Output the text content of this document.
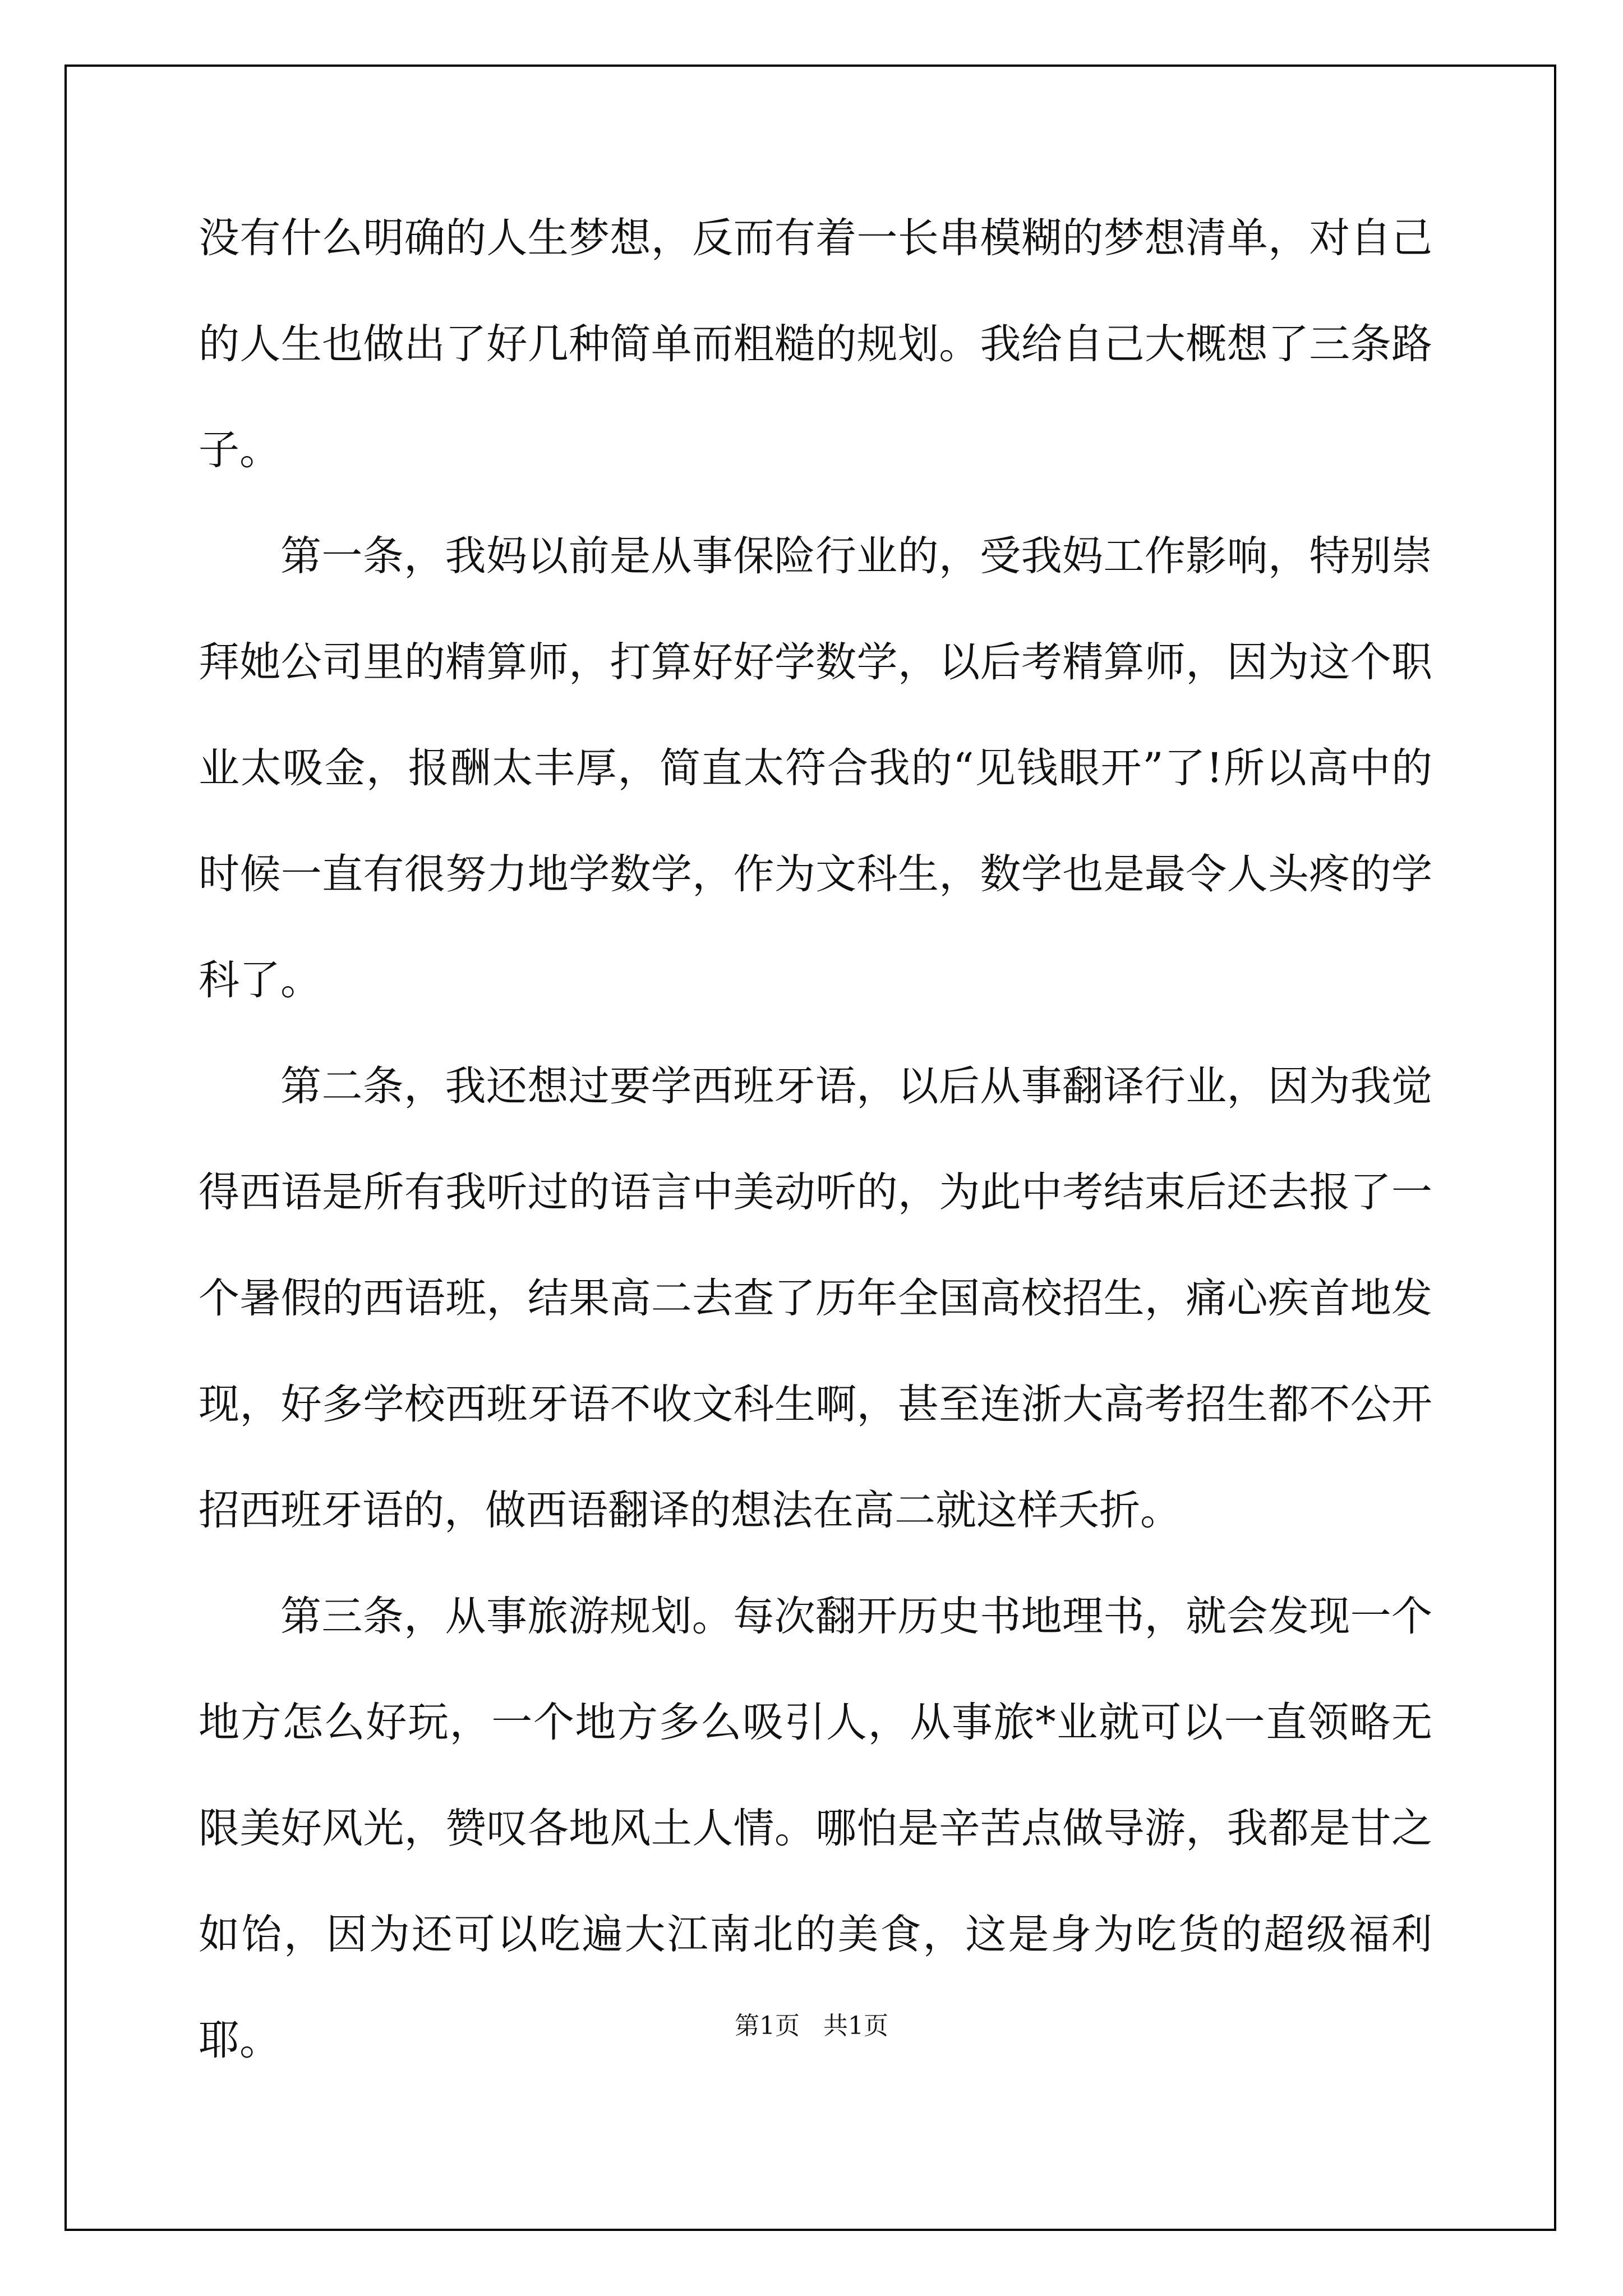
没有什么明确的人生梦想，反而有着一长串模糊的梦想清单，对自己的人生也做出了好几种简单而粗糙的规划。我给自己大概想了三条路子。

第一条，我妈以前是从事保险行业的，受我妈工作影响，特别崇拜她公司里的精算师，打算好好学数学，以后考精算师，因为这个职业太吸金，报酬太丰厚，简直太符合我的“见钱眼开”了!所以高中的时候一直有很努力地学数学，作为文科生，数学也是最令人头疼的学科了。

第二条，我还想过要学西班牙语，以后从事翻译行业，因为我觉得西语是所有我听过的语言中美动听的，为此中考结束后还去报了一个暑假的西语班，结果高二去查了历年全国高校招生，痛心疾首地发现，好多学校西班牙语不收文科生啊，甚至连浙大高考招生都不公开招西班牙语的，做西语翻译的想法在高二就这样夭折。

第三条，从事旅游规划。每次翻开历史书地理书，就会发现一个地方怎么好玩，一个地方多么吸引人，从事旅*业就可以一直领略无限美好风光，赞叹各地风土人情。哪怕是辛苦点做导游，我都是甘之如饴，因为还可以吃遍大江南北的美食，这是身为吃货的超级福利耶。	第1页   共1页
